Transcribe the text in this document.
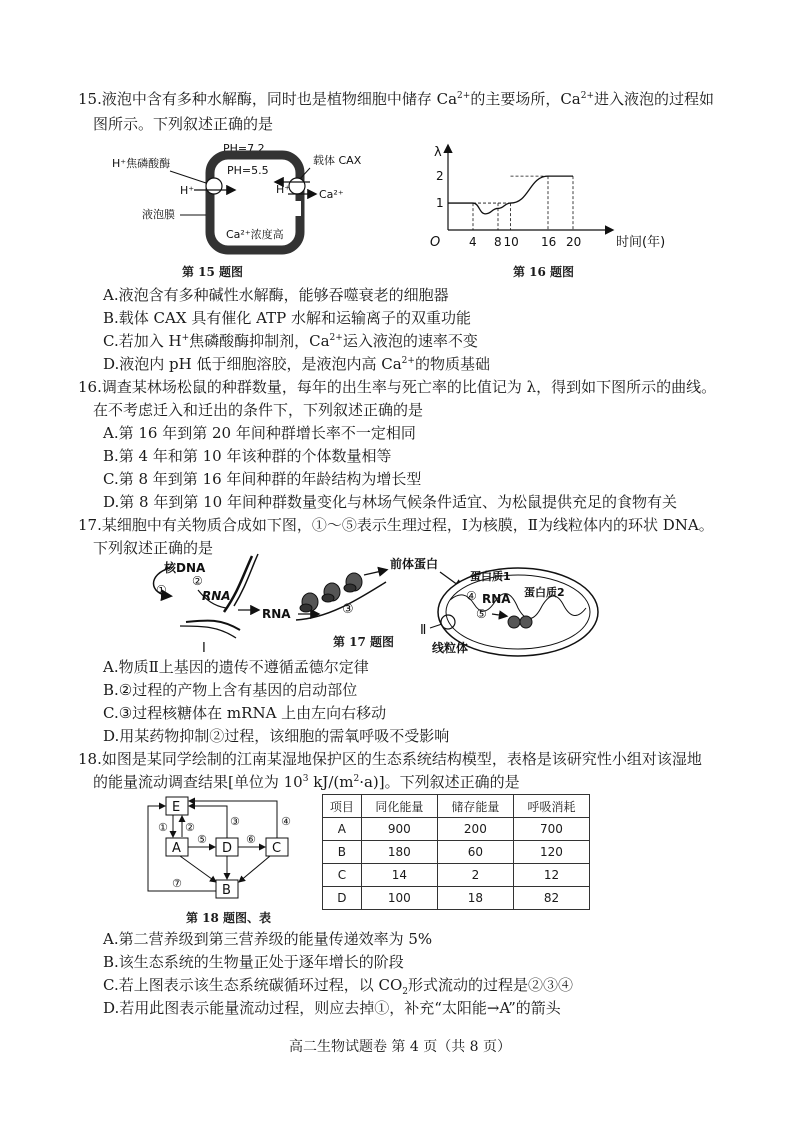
15.液泡中含有多种水解酶，同时也是植物细胞中储存 $Ca^{2+}$的主要场所，$Ca^{2+}$进入液泡的过程如
图所示。下列叙述正确的是
PH=7.2
PH=5.5
H⁺焦磷酸酶
H⁺
载体 CAX
H⁺	Ca²⁺
液泡膜
Ca²⁺浓度高
第 15 题图
λ
O	时间(年)
1
2
4 8 10 16 20
第 16 题图
A.液泡含有多种碱性水解酶，能够吞噬衰老的细胞器
B.载体 CAX 具有催化 ATP 水解和运输离子的双重功能
C.若加入 H+焦磷酸酶抑制剂，$Ca^{2+}$运入液泡的速率不变
D.液泡内 pH 低于细胞溶胶，是液泡内高 $Ca^{2+}$的物质基础
16.调查某林场松鼠的种群数量，每年的出生率与死亡率的比值记为 λ，得到如下图所示的曲线。
在不考虑迁入和迁出的条件下，下列叙述正确的是
A.第 16 年到第 20 年间种群增长率不一定相同
B.第 4 年和第 10 年该种群的个体数量相等
C.第 8 年到第 16 年间种群的年龄结构为增长型
D.第 8 年到第 10 年间种群数量变化与林场气候条件适宜、为松鼠提供充足的食物有关
17.某细胞中有关物质合成如下图，①～⑤表示生理过程，Ⅰ为核膜，Ⅱ为线粒体内的环状 DNA。
下列叙述正确的是
核DNA
①
②
RNA
Ⅰ
RNA	③
前体蛋白
蛋白质1
④ RNA 蛋白质2
⑤
Ⅱ
线粒体
第 17 题图
A.物质Ⅱ上基因的遗传不遵循孟德尔定律
B.②过程的产物上含有基因的启动部位
C.③过程核糖体在 mRNA 上由左向右移动
D.用某药物抑制②过程，该细胞的需氧呼吸不受影响
18.如图是某同学绘制的江南某湿地保护区的生态系统结构模型，表格是该研究性小组对该湿地
的能量流动调查结果[单位为 $10^3$ $kJ/(m^2\cdot a)$]。下列叙述正确的是
E
A	D	C
B
① ②	③	④
⑤	⑥
⑦
项目	同化能量	储存能量	呼吸消耗
A	900	200	700
B	180	60	120
C	14	2	12
D	100	18	82
第 18 题图、表
A.第二营养级到第三营养级的能量传递效率为 5%
B.该生态系统的生物量正处于逐年增长的阶段
C.若上图表示该生态系统碳循环过程，以 $CO_2$形式流动的过程是②③④
D.若用此图表示能量流动过程，则应去掉①，补充“太阳能→A”的箭头
高二生物试题卷 第 4 页（共 8 页）
